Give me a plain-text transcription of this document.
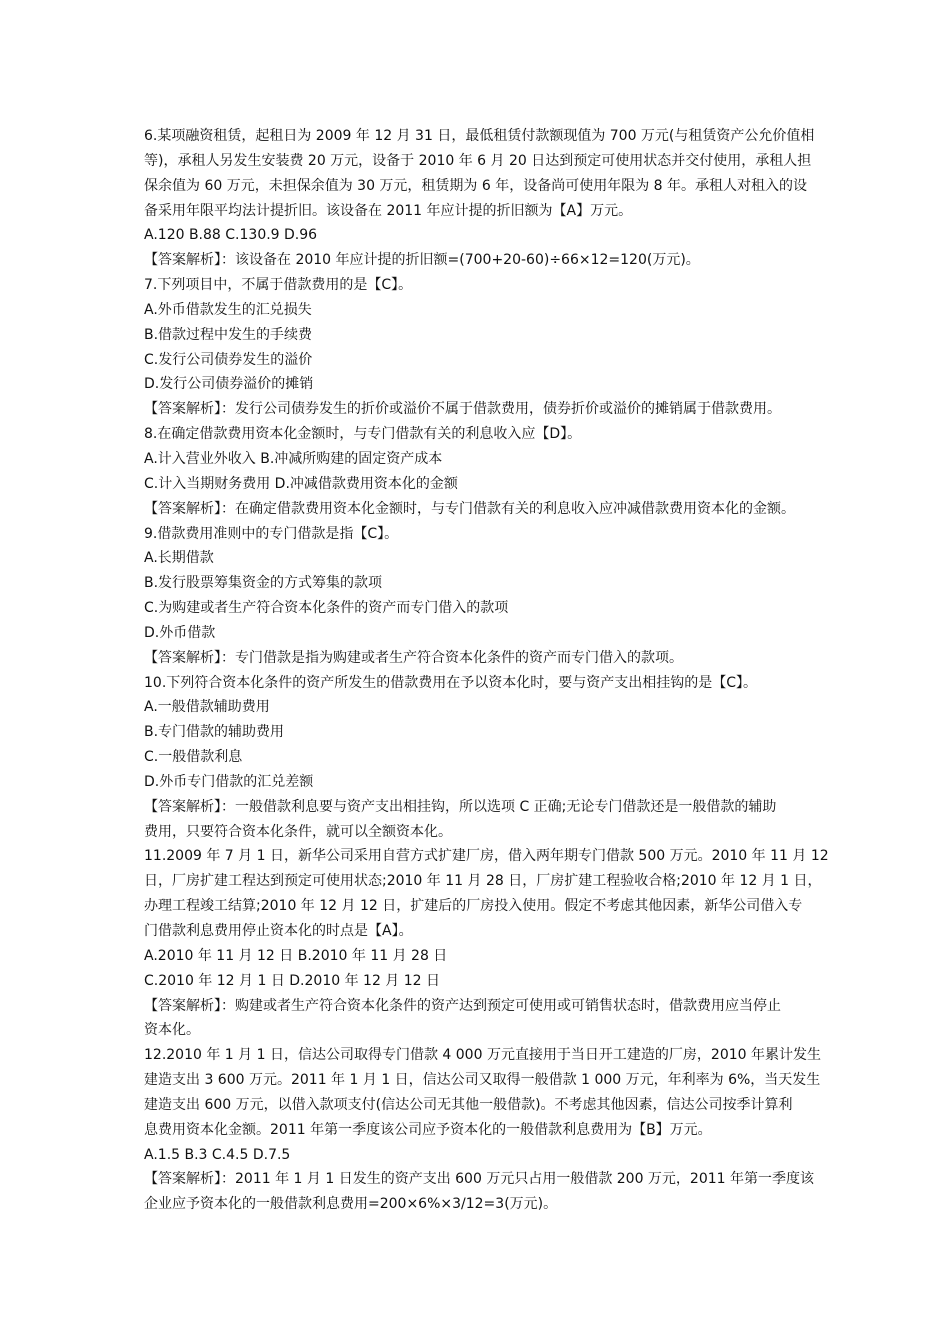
6.某项融资租赁，起租日为 2009 年 12 月 31 日，最低租赁付款额现值为 700 万元(与租赁资产公允价值相
等)，承租人另发生安装费 20 万元，设备于 2010 年 6 月 20 日达到预定可使用状态并交付使用，承租人担
保余值为 60 万元，未担保余值为 30 万元，租赁期为 6 年，设备尚可使用年限为 8 年。承租人对租入的设
备采用年限平均法计提折旧。该设备在 2011 年应计提的折旧额为【A】万元。
A.120 B.88 C.130.9 D.96
【答案解析】：该设备在 2010 年应计提的折旧额=(700+20-60)÷66×12=120(万元)。
7.下列项目中，不属于借款费用的是【C】。
A.外币借款发生的汇兑损失
B.借款过程中发生的手续费
C.发行公司债券发生的溢价
D.发行公司债券溢价的摊销
【答案解析】：发行公司债券发生的折价或溢价不属于借款费用，债券折价或溢价的摊销属于借款费用。
8.在确定借款费用资本化金额时，与专门借款有关的利息收入应【D】。
A.计入营业外收入 B.冲减所购建的固定资产成本
C.计入当期财务费用 D.冲减借款费用资本化的金额
【答案解析】：在确定借款费用资本化金额时，与专门借款有关的利息收入应冲减借款费用资本化的金额。
9.借款费用准则中的专门借款是指【C】。
A.长期借款
B.发行股票筹集资金的方式筹集的款项
C.为购建或者生产符合资本化条件的资产而专门借入的款项
D.外币借款
【答案解析】：专门借款是指为购建或者生产符合资本化条件的资产而专门借入的款项。
10.下列符合资本化条件的资产所发生的借款费用在予以资本化时，要与资产支出相挂钩的是【C】。
A.一般借款辅助费用
B.专门借款的辅助费用
C.一般借款利息
D.外币专门借款的汇兑差额
【答案解析】：一般借款利息要与资产支出相挂钩，所以选项 C 正确;无论专门借款还是一般借款的辅助
费用，只要符合资本化条件，就可以全额资本化。
11.2009 年 7 月 1 日，新华公司采用自营方式扩建厂房，借入两年期专门借款 500 万元。2010 年 11 月 12
日，厂房扩建工程达到预定可使用状态;2010 年 11 月 28 日，厂房扩建工程验收合格;2010 年 12 月 1 日，
办理工程竣工结算;2010 年 12 月 12 日，扩建后的厂房投入使用。假定不考虑其他因素，新华公司借入专
门借款利息费用停止资本化的时点是【A】。
A.2010 年 11 月 12 日 B.2010 年 11 月 28 日
C.2010 年 12 月 1 日 D.2010 年 12 月 12 日
【答案解析】：购建或者生产符合资本化条件的资产达到预定可使用或可销售状态时，借款费用应当停止
资本化。
12.2010 年 1 月 1 日，信达公司取得专门借款 4 000 万元直接用于当日开工建造的厂房，2010 年累计发生
建造支出 3 600 万元。2011 年 1 月 1 日，信达公司又取得一般借款 1 000 万元，年利率为 6%，当天发生
建造支出 600 万元，以借入款项支付(信达公司无其他一般借款)。不考虑其他因素，信达公司按季计算利
息费用资本化金额。2011 年第一季度该公司应予资本化的一般借款利息费用为【B】万元。
A.1.5 B.3 C.4.5 D.7.5
【答案解析】：2011 年 1 月 1 日发生的资产支出 600 万元只占用一般借款 200 万元，2011 年第一季度该
企业应予资本化的一般借款利息费用=200×6%×3/12=3(万元)。
